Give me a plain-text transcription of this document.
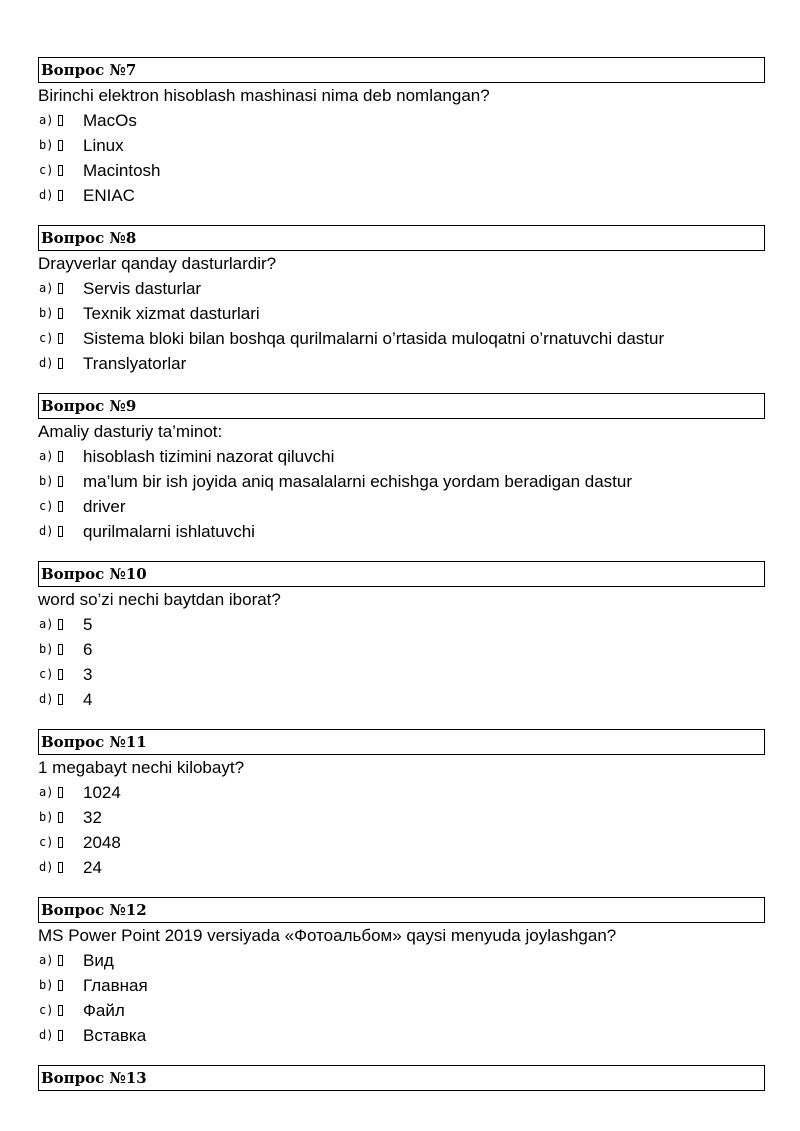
Вопрос №7
Birinchi elektron hisoblash mashinasi nima deb nomlangan?
a) MacOs
b) Linux
c) Macintosh
d) ENIAC
Вопрос №8
Drayverlar qanday dasturlardir?
a) Servis dasturlar
b) Texnik xizmat dasturlari
c) Sistema bloki bilan boshqa qurilmalarni o’rtasida muloqatni o’rnatuvchi dastur
d) Translyatorlar
Вопрос №9
Amaliy dasturiy ta’minot:
a) hisoblash tizimini nazorat qiluvchi
b) ma’lum bir ish joyida aniq masalalarni echishga yordam beradigan dastur
c) driver
d) qurilmalarni ishlatuvchi
Вопрос №10
word so’zi nechi baytdan iborat?
a) 5
b) 6
c) 3
d) 4
Вопрос №11
1 megabayt nechi kilobayt?
a) 1024
b) 32
c) 2048
d) 24
Вопрос №12
MS Power Point 2019 versiyada «Фотоальбом» qaysi menyuda joylashgan?
a) Вид
b) Главная
c) Файл
d) Вставка
Вопрос №13
